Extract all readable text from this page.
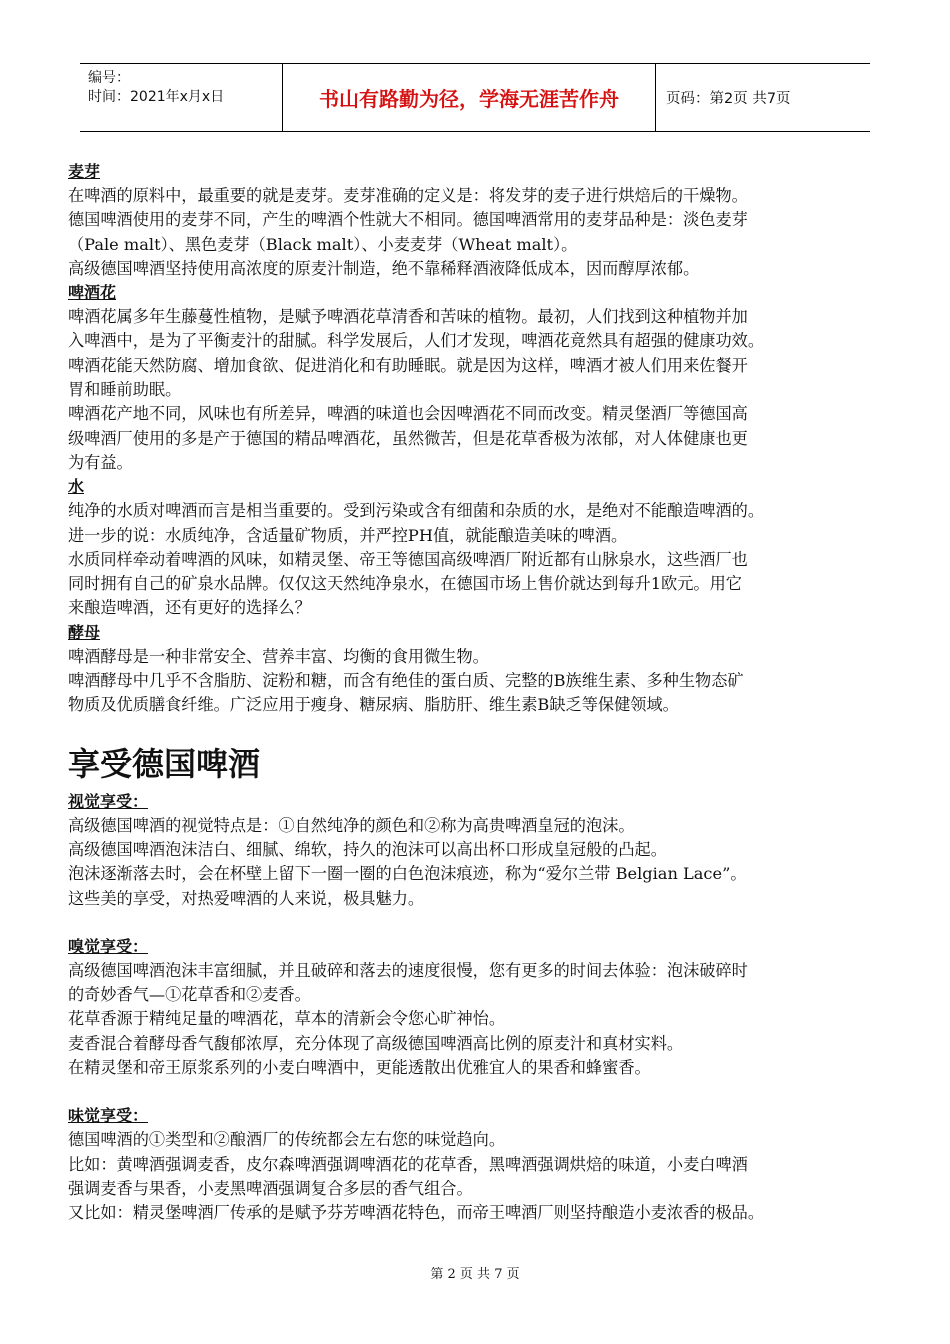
编号：
时间：2021年x月x日	书山有路勤为径，学海无涯苦作舟	页码：第2页 共7页
麦芽

在啤酒的原料中，最重要的就是麦芽。麦芽准确的定义是：将发芽的麦子进行烘焙后的干燥物。

德国啤酒使用的麦芽不同，产生的啤酒个性就大不相同。德国啤酒常用的麦芽品种是：淡色麦芽

（Pale malt）、黑色麦芽（Black malt）、小麦麦芽（Wheat malt）。

高级德国啤酒坚持使用高浓度的原麦汁制造，绝不靠稀释酒液降低成本，因而醇厚浓郁。

啤酒花

啤酒花属多年生藤蔓性植物，是赋予啤酒花草清香和苦味的植物。最初，人们找到这种植物并加

入啤酒中，是为了平衡麦汁的甜腻。科学发展后，人们才发现，啤酒花竟然具有超强的健康功效。

啤酒花能天然防腐、增加食欲、促进消化和有助睡眠。就是因为这样，啤酒才被人们用来佐餐开

胃和睡前助眠。

啤酒花产地不同，风味也有所差异，啤酒的味道也会因啤酒花不同而改变。精灵堡酒厂等德国高

级啤酒厂使用的多是产于德国的精品啤酒花，虽然微苦，但是花草香极为浓郁，对人体健康也更

为有益。

水

纯净的水质对啤酒而言是相当重要的。受到污染或含有细菌和杂质的水，是绝对不能酿造啤酒的。

进一步的说：水质纯净，含适量矿物质，并严控PH值，就能酿造美味的啤酒。

水质同样牵动着啤酒的风味，如精灵堡、帝王等德国高级啤酒厂附近都有山脉泉水，这些酒厂也

同时拥有自己的矿泉水品牌。仅仅这天然纯净泉水，在德国市场上售价就达到每升1欧元。用它

来酿造啤酒，还有更好的选择么？

酵母

啤酒酵母是一种非常安全、营养丰富、均衡的食用微生物。

啤酒酵母中几乎不含脂肪、淀粉和糖，而含有绝佳的蛋白质、完整的B族维生素、多种生物态矿

物质及优质膳食纤维。广泛应用于瘦身、糖尿病、脂肪肝、维生素B缺乏等保健领域。

享受德国啤酒
视觉享受：

高级德国啤酒的视觉特点是：①自然纯净的颜色和②称为高贵啤酒皇冠的泡沫。

高级德国啤酒泡沫洁白、细腻、绵软，持久的泡沫可以高出杯口形成皇冠般的凸起。

泡沫逐渐落去时，会在杯壁上留下一圈一圈的白色泡沫痕迹，称为“爱尔兰带 Belgian Lace”。

这些美的享受，对热爱啤酒的人来说，极具魅力。

嗅觉享受：

高级德国啤酒泡沫丰富细腻，并且破碎和落去的速度很慢，您有更多的时间去体验：泡沫破碎时

的奇妙香气—①花草香和②麦香。

花草香源于精纯足量的啤酒花，草本的清新会令您心旷神怡。

麦香混合着酵母香气馥郁浓厚，充分体现了高级德国啤酒高比例的原麦汁和真材实料。

在精灵堡和帝王原浆系列的小麦白啤酒中，更能透散出优雅宜人的果香和蜂蜜香。

味觉享受：

德国啤酒的①类型和②酿酒厂的传统都会左右您的味觉趋向。

比如：黄啤酒强调麦香，皮尔森啤酒强调啤酒花的花草香，黑啤酒强调烘焙的味道，小麦白啤酒

强调麦香与果香，小麦黑啤酒强调复合多层的香气组合。

又比如：精灵堡啤酒厂传承的是赋予芬芳啤酒花特色，而帝王啤酒厂则坚持酿造小麦浓香的极品。

第 2 页 共 7 页
